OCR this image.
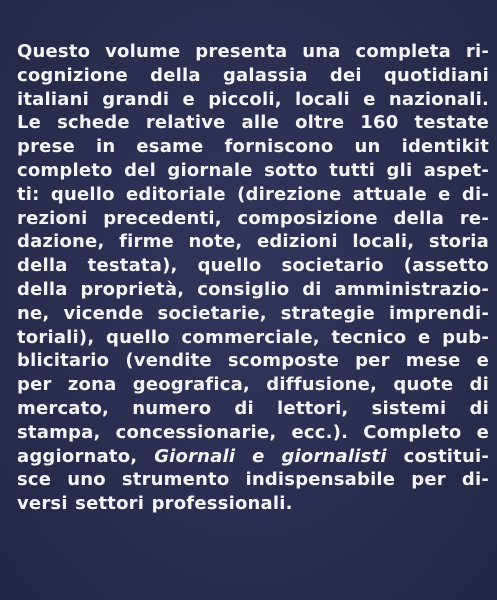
Questo volume presenta una completa ri-
cognizione della galassia dei quotidiani
italiani grandi e piccoli, locali e nazionali.
Le schede relative alle oltre 160 testate
prese in esame forniscono un identikit
completo del giornale sotto tutti gli aspet-
ti: quello editoriale (direzione attuale e di-
rezioni precedenti, composizione della re-
dazione, firme note, edizioni locali, storia
della testata), quello societario (assetto
della proprietà, consiglio di amministrazio-
ne, vicende societarie, strategie imprendi-
toriali), quello commerciale, tecnico e pub-
blicitario (vendite scomposte per mese e
per zona geografica, diffusione, quote di
mercato, numero di lettori, sistemi di
stampa, concessionarie, ecc.). Completo e
aggiornato, Giornali e giornalisti costitui-
sce uno strumento indispensabile per di-
versi settori professionali.
